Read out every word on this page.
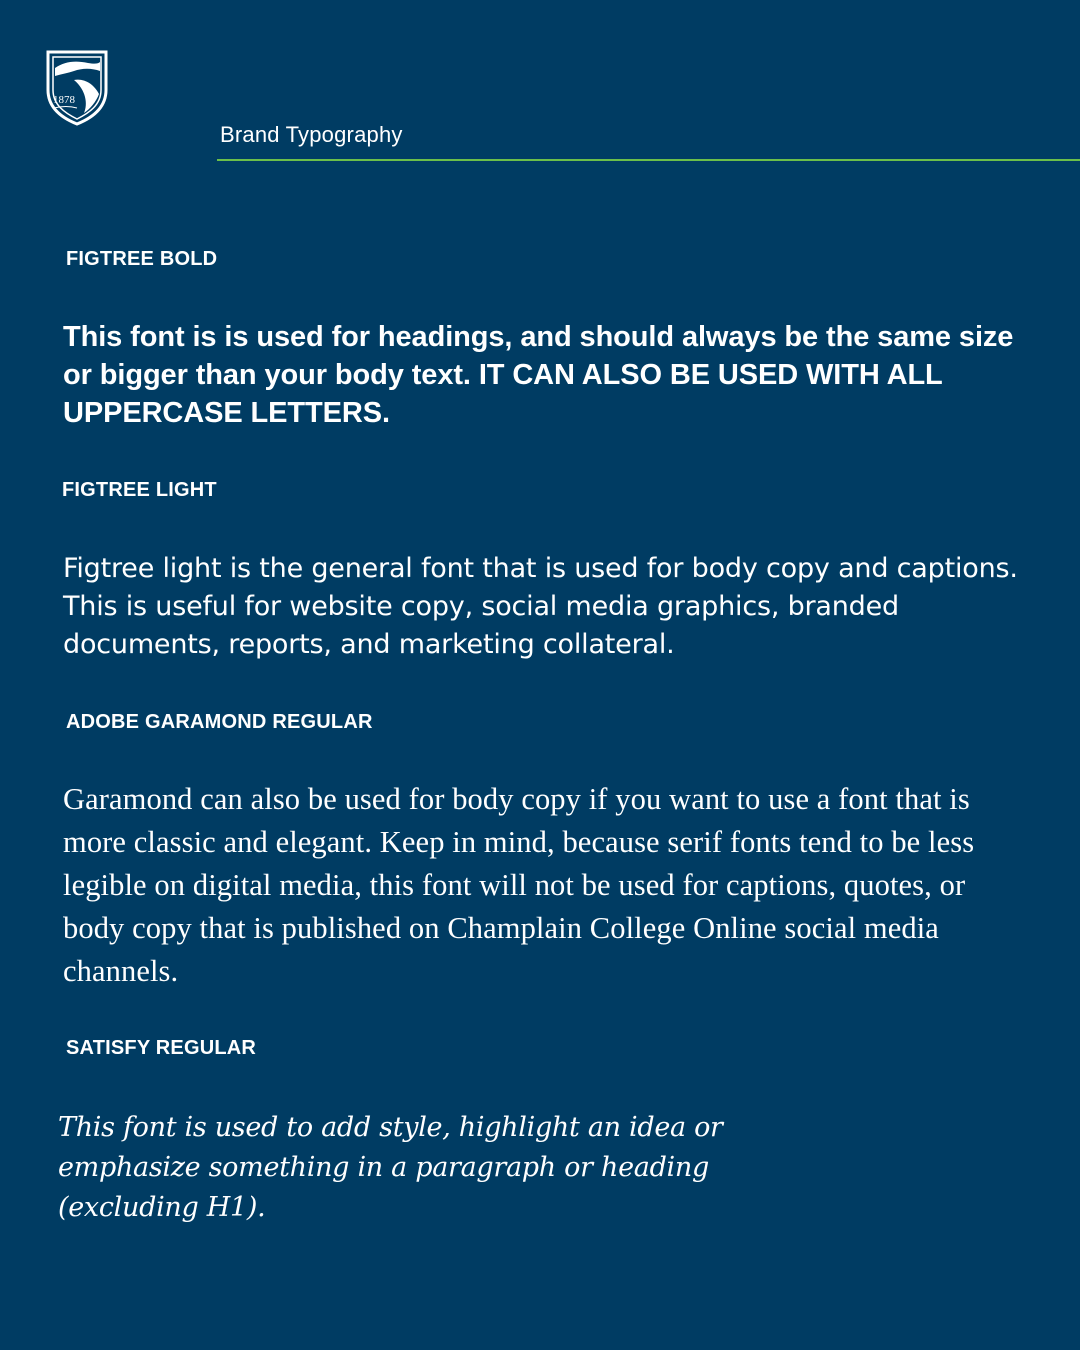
1878
Brand Typography
FIGTREE BOLD
This font is is used for headings, and should always be the same size or bigger than your body text. IT CAN ALSO BE USED WITH ALL UPPERCASE LETTERS.
FIGTREE LIGHT
Figtree light is the general font that is used for body copy and captions. This is useful for website copy, social media graphics, branded documents, reports, and marketing collateral.
ADOBE GARAMOND REGULAR
Garamond can also be used for body copy if you want to use a font that is more classic and elegant. Keep in mind, because serif fonts tend to be less legible on digital media, this font will not be used for captions, quotes, or body copy that is published on Champlain College Online social media channels.
SATISFY REGULAR
This font is used to add style, highlight an idea or emphasize something in a paragraph or heading (excluding H1).
